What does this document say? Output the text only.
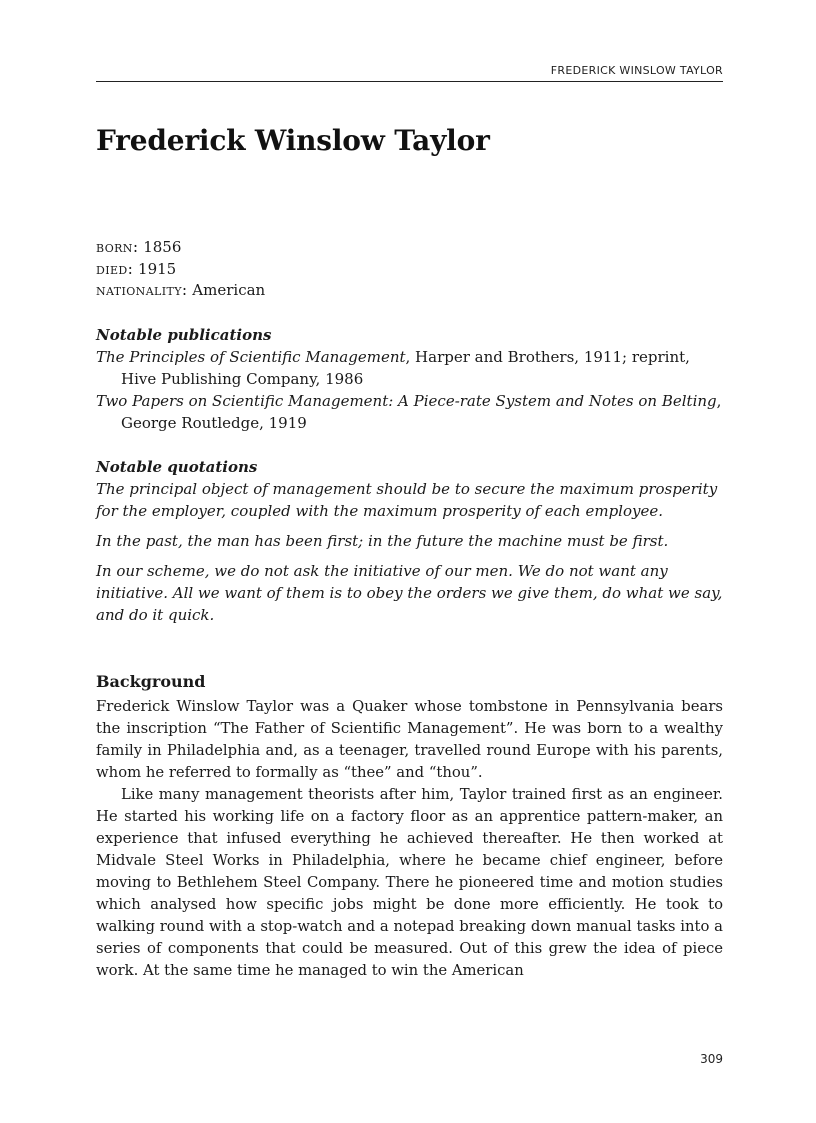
FREDERICK WINSLOW TAYLOR
Frederick Winslow Taylor
born: 1856
died: 1915
nationality: American
Notable publications
The Principles of Scientific Management, Harper and Brothers, 1911; reprint, Hive Publishing Company, 1986
Two Papers on Scientific Management: A Piece-rate System and Notes on Belting, George Routledge, 1919
Notable quotations

The principal object of management should be to secure the maximum prosperity for the employer, coupled with the maximum prosperity of each employee.

In the past, the man has been first; in the future the machine must be first.

In our scheme, we do not ask the initiative of our men. We do not want any initiative. All we want of them is to obey the orders we give them, do what we say, and do it quick.

Background

Frederick Winslow Taylor was a Quaker whose tombstone in Pennsylvania bears the inscription “The Father of Scientific Management”. He was born to a wealthy family in Philadelphia and, as a teenager, travelled round Europe with his parents, whom he referred to formally as “thee” and “thou”.

Like many management theorists after him, Taylor trained first as an engineer. He started his working life on a factory floor as an apprentice pattern-maker, an experience that infused everything he achieved thereafter. He then worked at Midvale Steel Works in Philadelphia, where he became chief engineer, before moving to Bethlehem Steel Company. There he pioneered time and motion studies which analysed how specific jobs might be done more efficiently. He took to walking round with a stop-watch and a notepad breaking down manual tasks into a series of components that could be measured. Out of this grew the idea of piece work. At the same time he managed to win the American

309
